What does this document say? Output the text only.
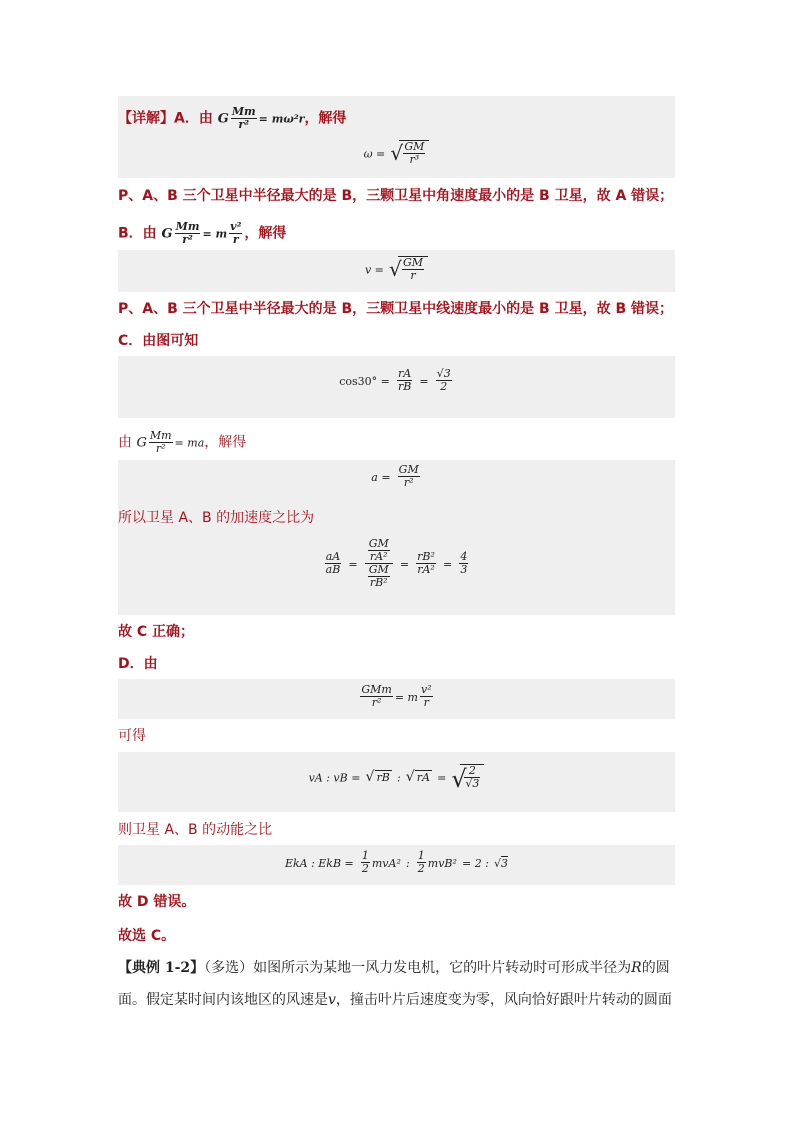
【详解】A．由 G $\frac{Mm}{\text{r²}} = m\omega^2r$，解得
ω = √ $\frac{GM}{\text{r³}}$
P、A、B 三个卫星中半径最大的是 B，三颗卫星中角速度最小的是 B 卫星，故 A 错误；
B．由 G $\frac{Mm}{\text{r²}} = m \frac{\text{v²}}{r}$ ，解得
v = √ $\frac{GM}{r}$
P、A、B 三个卫星中半径最大的是 B，三颗卫星中线速度最小的是 B 卫星，故 B 错误；
C．由图可知
$\cos 30^\circ = \frac{rA}{rB} = \frac{√3}{2}$
由 G $\frac{Mm}{\text{r²}}$ = ma，解得
$a = \frac{GM}{\text{r²}}$
所以卫星 A、B 的加速度之比为
$\frac{aA}{aB} = \frac{\frac{GM}{\text{rA²}}}{\frac{GM}{\text{rB²}}} = \frac{\text{rB²}}{\text{rA²}} = \frac{4}{3}$
故 C 正确；
D．由
$\frac{\text{GMm}}{\text{r²}} = m \frac{\text{v²}}{r}$
可得
vA : vB = √ rB : √ rA = √
$\frac{2}{√3}$
则卫星 A、B 的动能之比
EkA : EkB = $\frac{1}{2} mvA^2$ : $\frac{1}{2} mvB^2 = 2$ : √3
故 D 错误。
故选 C。
【典例 1-2】（多选）如图所示为某地一风力发电机，它的叶片转动时可形成半径为R的圆
面。假定某时间内该地区的风速是v，撞击叶片后速度变为零，风向恰好跟叶片转动的圆面
